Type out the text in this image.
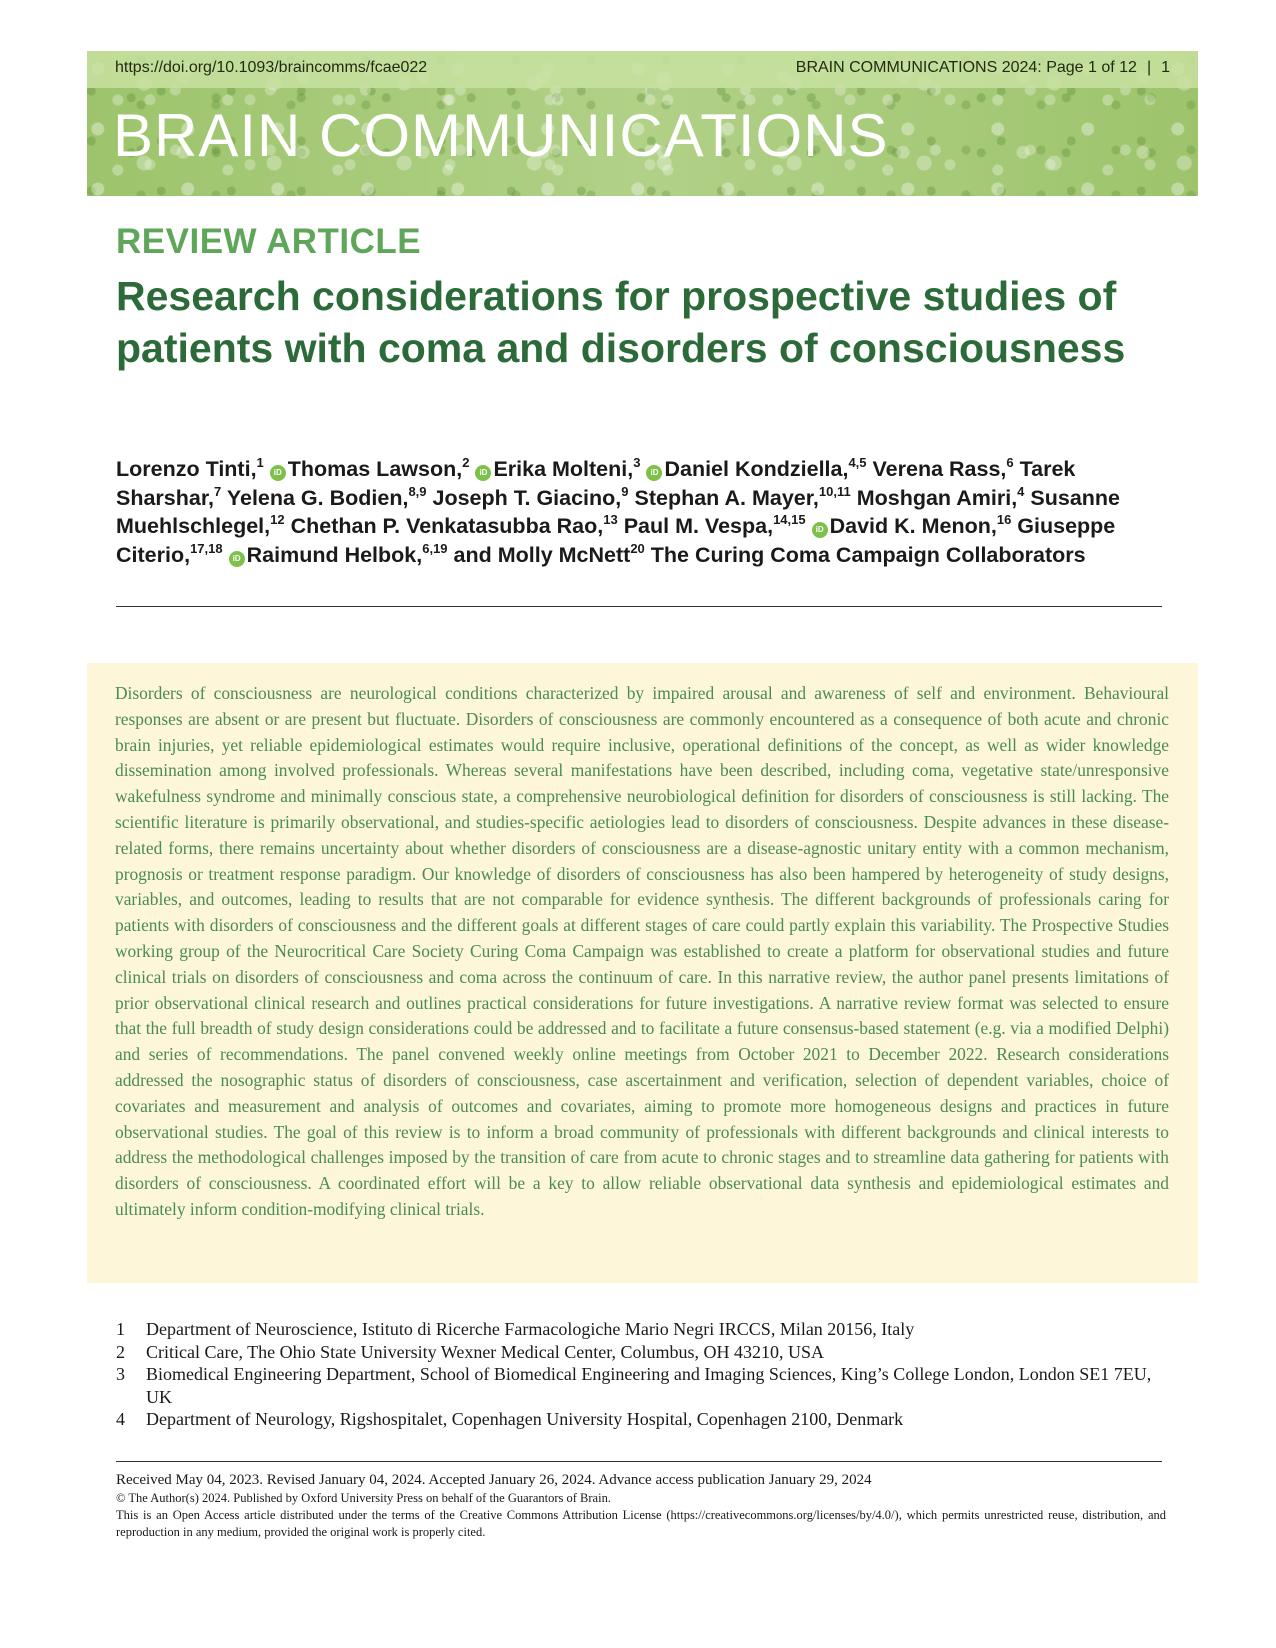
https://doi.org/10.1093/braincomms/fcae022	BRAIN COMMUNICATIONS 2024: Page 1 of 12 | 1
BRAIN COMMUNICATIONS
REVIEW ARTICLE
Research considerations for prospective studies of patients with coma and disorders of consciousness
Lorenzo Tinti,$^1$iD Thomas Lawson,$^2$iD Erika Molteni,$^3$iD Daniel Kondziella,$^{4,5}$ Verena Rass,$^6$ Tarek Sharshar,$^7$ Yelena G. Bodien,$^{8,9}$ Joseph T. Giacino,$^9$ Stephan A. Mayer,$^{10,11}$ Moshgan Amiri,$^4$ Susanne Muehlschlegel,$^{12}$ Chethan P. Venkatasubba Rao,$^{13}$ Paul M. Vespa,$^{14,15}$iD David K. Menon,$^{16}$ Giuseppe Citerio,$^{17,18}$iD Raimund Helbok,$^{6,19}$ and Molly McNett$^{20}$ The Curing Coma Campaign Collaborators

Disorders of consciousness are neurological conditions characterized by impaired arousal and awareness of self and environment. Behavioural responses are absent or are present but fluctuate. Disorders of consciousness are commonly encountered as a consequence of both acute and chronic brain injuries, yet reliable epidemiological estimates would require inclusive, operational definitions of the concept, as well as wider knowledge dissemination among involved professionals. Whereas several manifestations have been described, including coma, vegetative state/unresponsive wakefulness syndrome and minimally conscious state, a comprehensive neurobiological definition for disorders of consciousness is still lacking. The scientific literature is primarily observational, and studies-specific aetiologies lead to disorders of consciousness. Despite advances in these disease-related forms, there remains uncertainty about whether disorders of consciousness are a disease-agnostic unitary entity with a common mechanism, prognosis or treatment response paradigm. Our knowledge of disorders of consciousness has also been hampered by heterogeneity of study designs, variables, and outcomes, leading to results that are not comparable for evidence synthesis. The different backgrounds of professionals caring for patients with disorders of consciousness and the different goals at different stages of care could partly explain this variability. The Prospective Studies working group of the Neurocritical Care Society Curing Coma Campaign was established to create a platform for observational studies and future clinical trials on disorders of consciousness and coma across the continuum of care. In this narrative review, the author panel presents limitations of prior observational clinical research and outlines practical considerations for future investigations. A narrative review format was selected to ensure that the full breadth of study design considerations could be addressed and to facilitate a future consensus-based statement (e.g. via a modified Delphi) and series of recommendations. The panel convened weekly online meetings from October 2021 to December 2022. Research considerations addressed the nosographic status of disorders of consciousness, case ascertainment and verification, selection of dependent variables, choice of covariates and measurement and analysis of outcomes and covariates, aiming to promote more homogeneous designs and practices in future observational studies. The goal of this review is to inform a broad community of professionals with different backgrounds and clinical interests to address the methodological challenges imposed by the transition of care from acute to chronic stages and to streamline data gathering for patients with disorders of consciousness. A coordinated effort will be a key to allow reliable observational data synthesis and epidemiological estimates and ultimately inform condition-modifying clinical trials.

1	Department of Neuroscience, Istituto di Ricerche Farmacologiche Mario Negri IRCCS, Milan 20156, Italy
2	Critical Care, The Ohio State University Wexner Medical Center, Columbus, OH 43210, USA
3	Biomedical Engineering Department, School of Biomedical Engineering and Imaging Sciences, King’s College London, London SE1 7EU, UK
4	Department of Neurology, Rigshospitalet, Copenhagen University Hospital, Copenhagen 2100, Denmark
Received May 04, 2023. Revised January 04, 2024. Accepted January 26, 2024. Advance access publication January 29, 2024
© The Author(s) 2024. Published by Oxford University Press on behalf of the Guarantors of Brain.
This is an Open Access article distributed under the terms of the Creative Commons Attribution License (https://creativecommons.org/licenses/by/4.0/), which permits unrestricted reuse, distribution, and reproduction in any medium, provided the original work is properly cited.
